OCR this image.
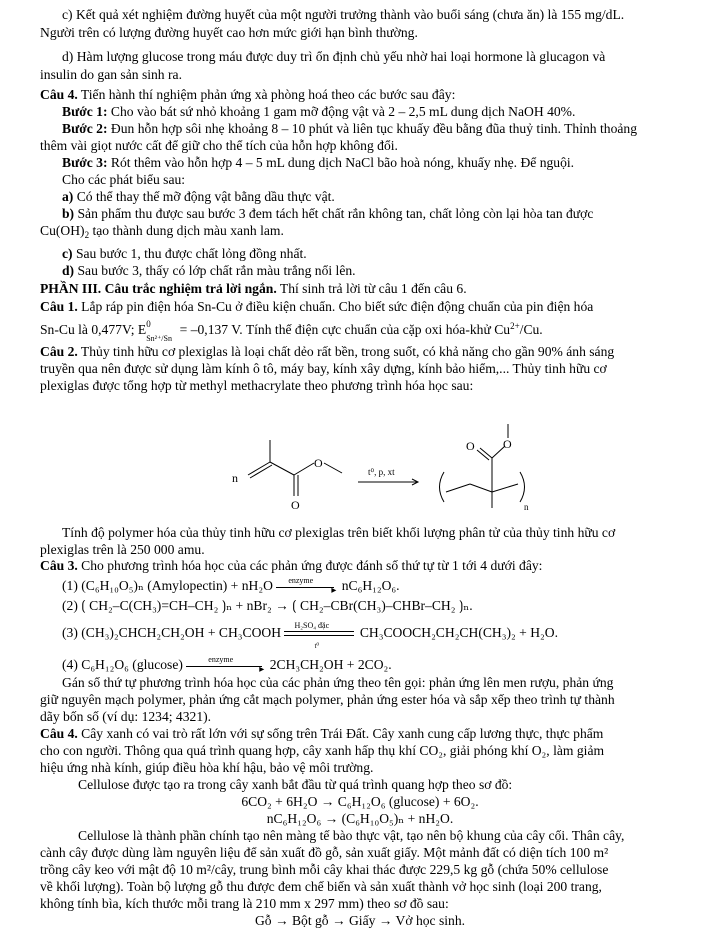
c) Kết quả xét nghiệm đường huyết của một người trưởng thành vào buổi sáng (chưa ăn) là 155 mg/dL.
Người trên có lượng đường huyết cao hơn mức giới hạn bình thường.
d) Hàm lượng glucose trong máu được duy trì ổn định chủ yếu nhờ hai loại hormone là glucagon và
insulin do gan sản sinh ra.
Câu 4. Tiến hành thí nghiệm phản ứng xà phòng hoá theo các bước sau đây:
Bước 1: Cho vào bát sứ nhỏ khoảng 1 gam mỡ động vật và 2 – 2,5 mL dung dịch NaOH 40%.
Bước 2: Đun hỗn hợp sôi nhẹ khoảng 8 – 10 phút và liên tục khuấy đều bằng đũa thuỷ tinh. Thỉnh thoảng
thêm vài giọt nước cất để giữ cho thể tích của hỗn hợp không đổi.
Bước 3: Rót thêm vào hỗn hợp 4 – 5 mL dung dịch NaCl bão hoà nóng, khuấy nhẹ. Để nguội.
Cho các phát biểu sau:
a) Có thể thay thế mỡ động vật bằng dầu thực vật.
b) Sản phẩm thu được sau bước 3 đem tách hết chất rắn không tan, chất lỏng còn lại hòa tan được
$Cu(OH)_2$ tạo thành dung dịch màu xanh lam.
c) Sau bước 1, thu được chất lỏng đồng nhất.
d) Sau bước 3, thấy có lớp chất rắn màu trắng nổi lên.
PHẦN III. Câu trắc nghiệm trả lời ngắn. Thí sinh trả lời từ câu 1 đến câu 6.
Câu 1. Lắp ráp pin điện hóa Sn-Cu ở điều kiện chuẩn. Cho biết sức điện động chuẩn của pin điện hóa
Sn-Cu là 0,477V; E 0
Sn²⁺/Sn
= –0,137 V. Tính thế điện cực chuẩn của cặp oxi hóa-khử $Cu^{2+}/Cu$.
Câu 2. Thủy tinh hữu cơ plexiglas là loại chất dẻo rất bền, trong suốt, có khả năng cho gần 90% ánh sáng
truyền qua nên được sử dụng làm kính ô tô, máy bay, kính xây dựng, kính bảo hiểm,... Thủy tinh hữu cơ
plexiglas được tổng hợp từ methyl methacrylate theo phương trình hóa học sau:
n
O
O
t⁰, p, xt
O O
n
Tính độ polymer hóa của thủy tinh hữu cơ plexiglas trên biết khối lượng phân tử của thủy tinh hữu cơ
plexiglas trên là 250 000 amu.
Câu 3. Cho phương trình hóa học của các phản ứng được đánh số thứ tự từ 1 tới 4 dưới đây:
(1) (C₆H₁₀O₅)ₙ (Amylopectin) + nH₂O enzyme
▸ nC₆H₁₂O₆.
(2) ⟮ CH₂–C(CH₃)=CH–CH₂ ⟯ₙ + nBr₂ → ⟮ CH₂–CBr(CH₃)–CHBr–CH₂ ⟯ₙ.
(3) (CH₃)₂CHCH₂CH₂OH + CH₃COOH H₂SO₄ đặc
t⁰
CH₃COOCH₂CH₂CH(CH₃)₂ + H₂O.
(4) C₆H₁₂O₆ (glucose)	enzyme
▸ 2CH₃CH₂OH + 2CO₂.
Gán số thứ tự phương trình hóa học của các phản ứng theo tên gọi: phản ứng lên men rượu, phản ứng
giữ nguyên mạch polymer, phản ứng cắt mạch polymer, phản ứng ester hóa và sắp xếp theo trình tự thành
dãy bốn số (ví dụ: 1234; 4321).
Câu 4. Cây xanh có vai trò rất lớn với sự sống trên Trái Đất. Cây xanh cung cấp lương thực, thực phẩm
cho con người. Thông qua quá trình quang hợp, cây xanh hấp thụ khí CO₂, giải phóng khí O₂, làm giảm
hiệu ứng nhà kính, giúp điều hòa khí hậu, bảo vệ môi trường.
Cellulose được tạo ra trong cây xanh bắt đầu từ quá trình quang hợp theo sơ đồ:
6CO₂ + 6H₂O → C₆H₁₂O₆ (glucose) + 6O₂.
nC₆H₁₂O₆ → (C₆H₁₀O₅)ₙ + nH₂O.
Cellulose là thành phần chính tạo nên màng tế bào thực vật, tạo nên bộ khung của cây cối. Thân cây,
cành cây được dùng làm nguyên liệu để sản xuất đồ gỗ, sản xuất giấy. Một mảnh đất có diện tích 100 m²
trồng cây keo với mật độ 10 m²/cây, trung bình mỗi cây khai thác được 229,5 kg gỗ (chứa 50% cellulose
về khối lượng). Toàn bộ lượng gỗ thu được đem chế biến và sản xuất thành vở học sinh (loại 200 trang,
không tính bìa, kích thước mỗi trang là 210 mm x 297 mm) theo sơ đồ sau:
Gỗ → Bột gỗ → Giấy → Vở học sinh.
